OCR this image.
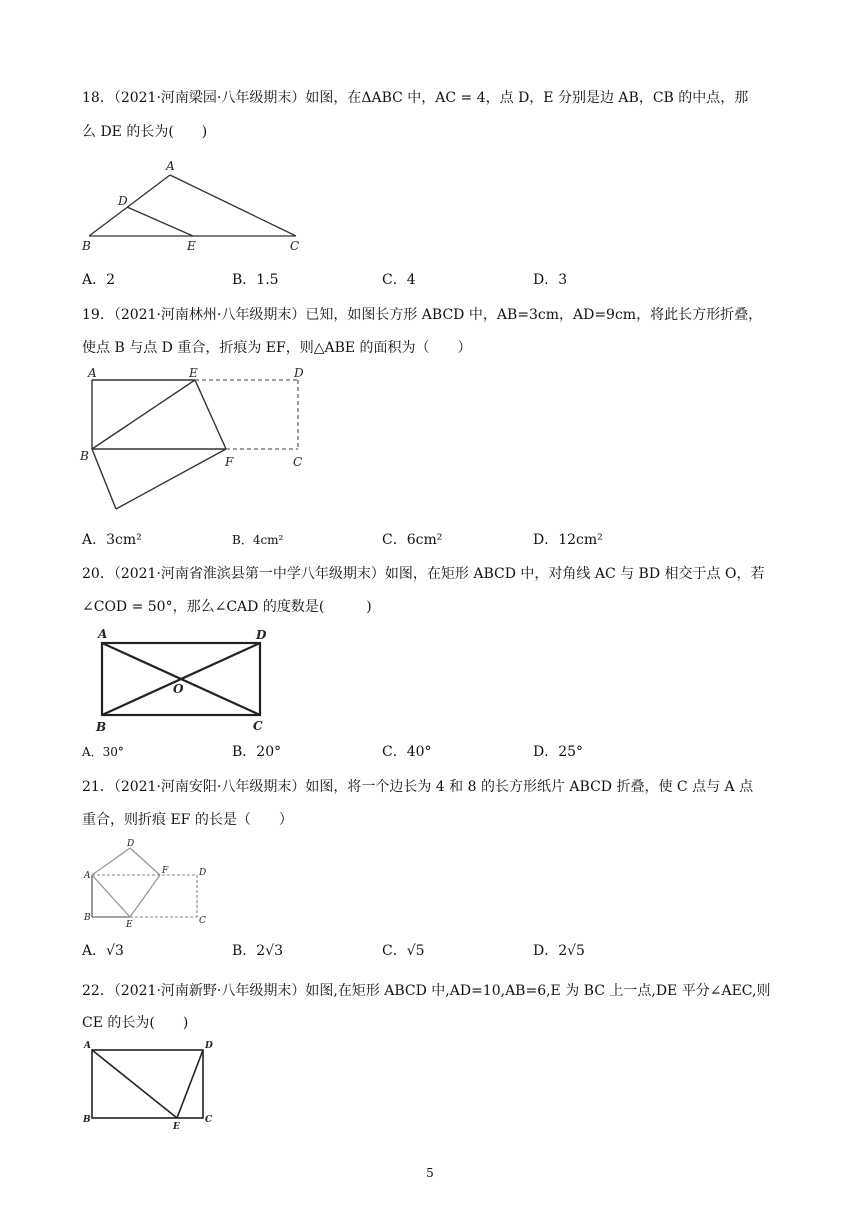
18．（2021·河南梁园·八年级期末）如图，在ΔABC 中，AC = 4，点 D，E 分别是边 AB，CB 的中点，那
么 DE 的长为(　　)
A
D
B	E	C
A．2	B．1.5	C．4	D．3
19．（2021·河南林州·八年级期末）已知，如图长方形 ABCD 中，AB=3cm，AD=9cm，将此长方形折叠，
使点 B 与点 D 重合，折痕为 EF，则△ABE 的面积为（　　）
A	E	D
B	F	C
A．3cm²	B．4cm²	C．6cm²	D．12cm²
20．（2021·河南省淮滨县第一中学八年级期末）如图，在矩形 ABCD 中，对角线 AC 与 BD 相交于点 O，若
∠COD = 50°，那么∠CAD 的度数是(　　　)
A	D
O
B	C
A．30°	B．20°	C．40°	D．25°
21．（2021·河南安阳·八年级期末）如图，将一个边长为 4 和 8 的长方形纸片 ABCD 折叠，使 C 点与 A 点
重合，则折痕 EF 的长是（　　）
D
A	F	D
B
E	C
A．√3	B．2√3	C．√5	D．2√5
22．（2021·河南新野·八年级期末）如图,在矩形 ABCD 中,AD=10,AB=6,E 为 BC 上一点,DE 平分∠AEC,则
CE 的长为(　　)
A	D
B
E
C
5
